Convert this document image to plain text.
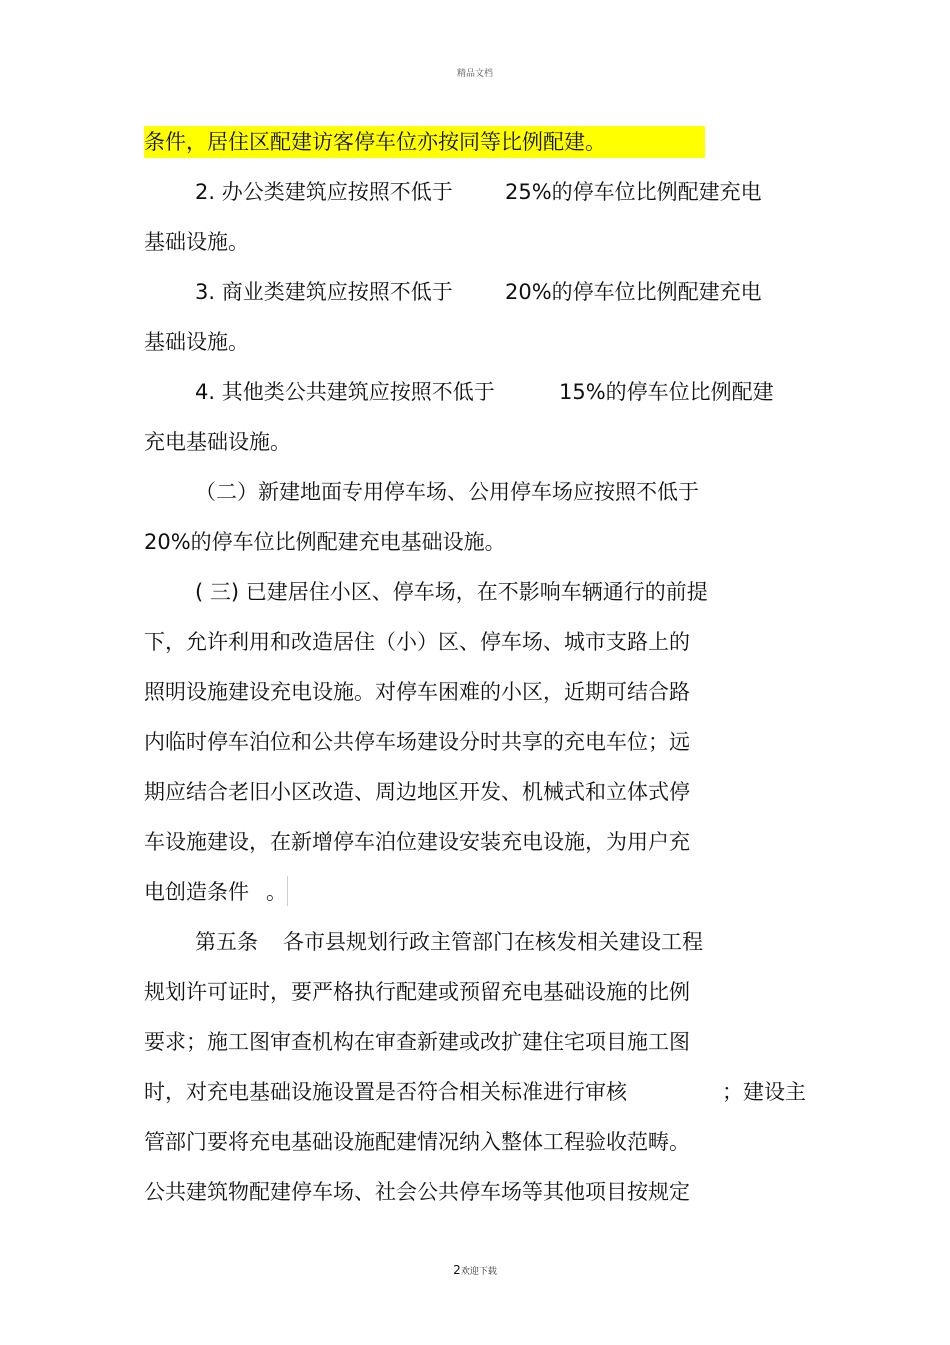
精品文档
条件，居住区配建访客停车位亦按同等比例配建。
2. 办公类建筑应按照不低于 25%的停车位比例配建充电
基础设施。
3. 商业类建筑应按照不低于 20%的停车位比例配建充电
基础设施。
4. 其他类公共建筑应按照不低于	15%的停车位比例配建
充电基础设施。
（二）新建地面专用停车场、公用停车场应按照不低于
20%的停车位比例配建充电基础设施。
( 三) 已建居住小区、停车场，在不影响车辆通行的前提
下，允许利用和改造居住（小）区、停车场、城市支路上的
照明设施建设充电设施。对停车困难的小区，近期可结合路
内临时停车泊位和公共停车场建设分时共享的充电车位；远
期应结合老旧小区改造、周边地区开发、机械式和立体式停
车设施建设，在新增停车泊位建设安装充电设施，为用户充
电创造条件 。
第五条 各市县规划行政主管部门在核发相关建设工程
规划许可证时，要严格执行配建或预留充电基础设施的比例
要求；施工图审查机构在审查新建或改扩建住宅项目施工图
时，对充电基础设施设置是否符合相关标准进行审核	；建设主
管部门要将充电基础设施配建情况纳入整体工程验收范畴。
公共建筑物配建停车场、社会公共停车场等其他项目按规定
2欢迎下载
